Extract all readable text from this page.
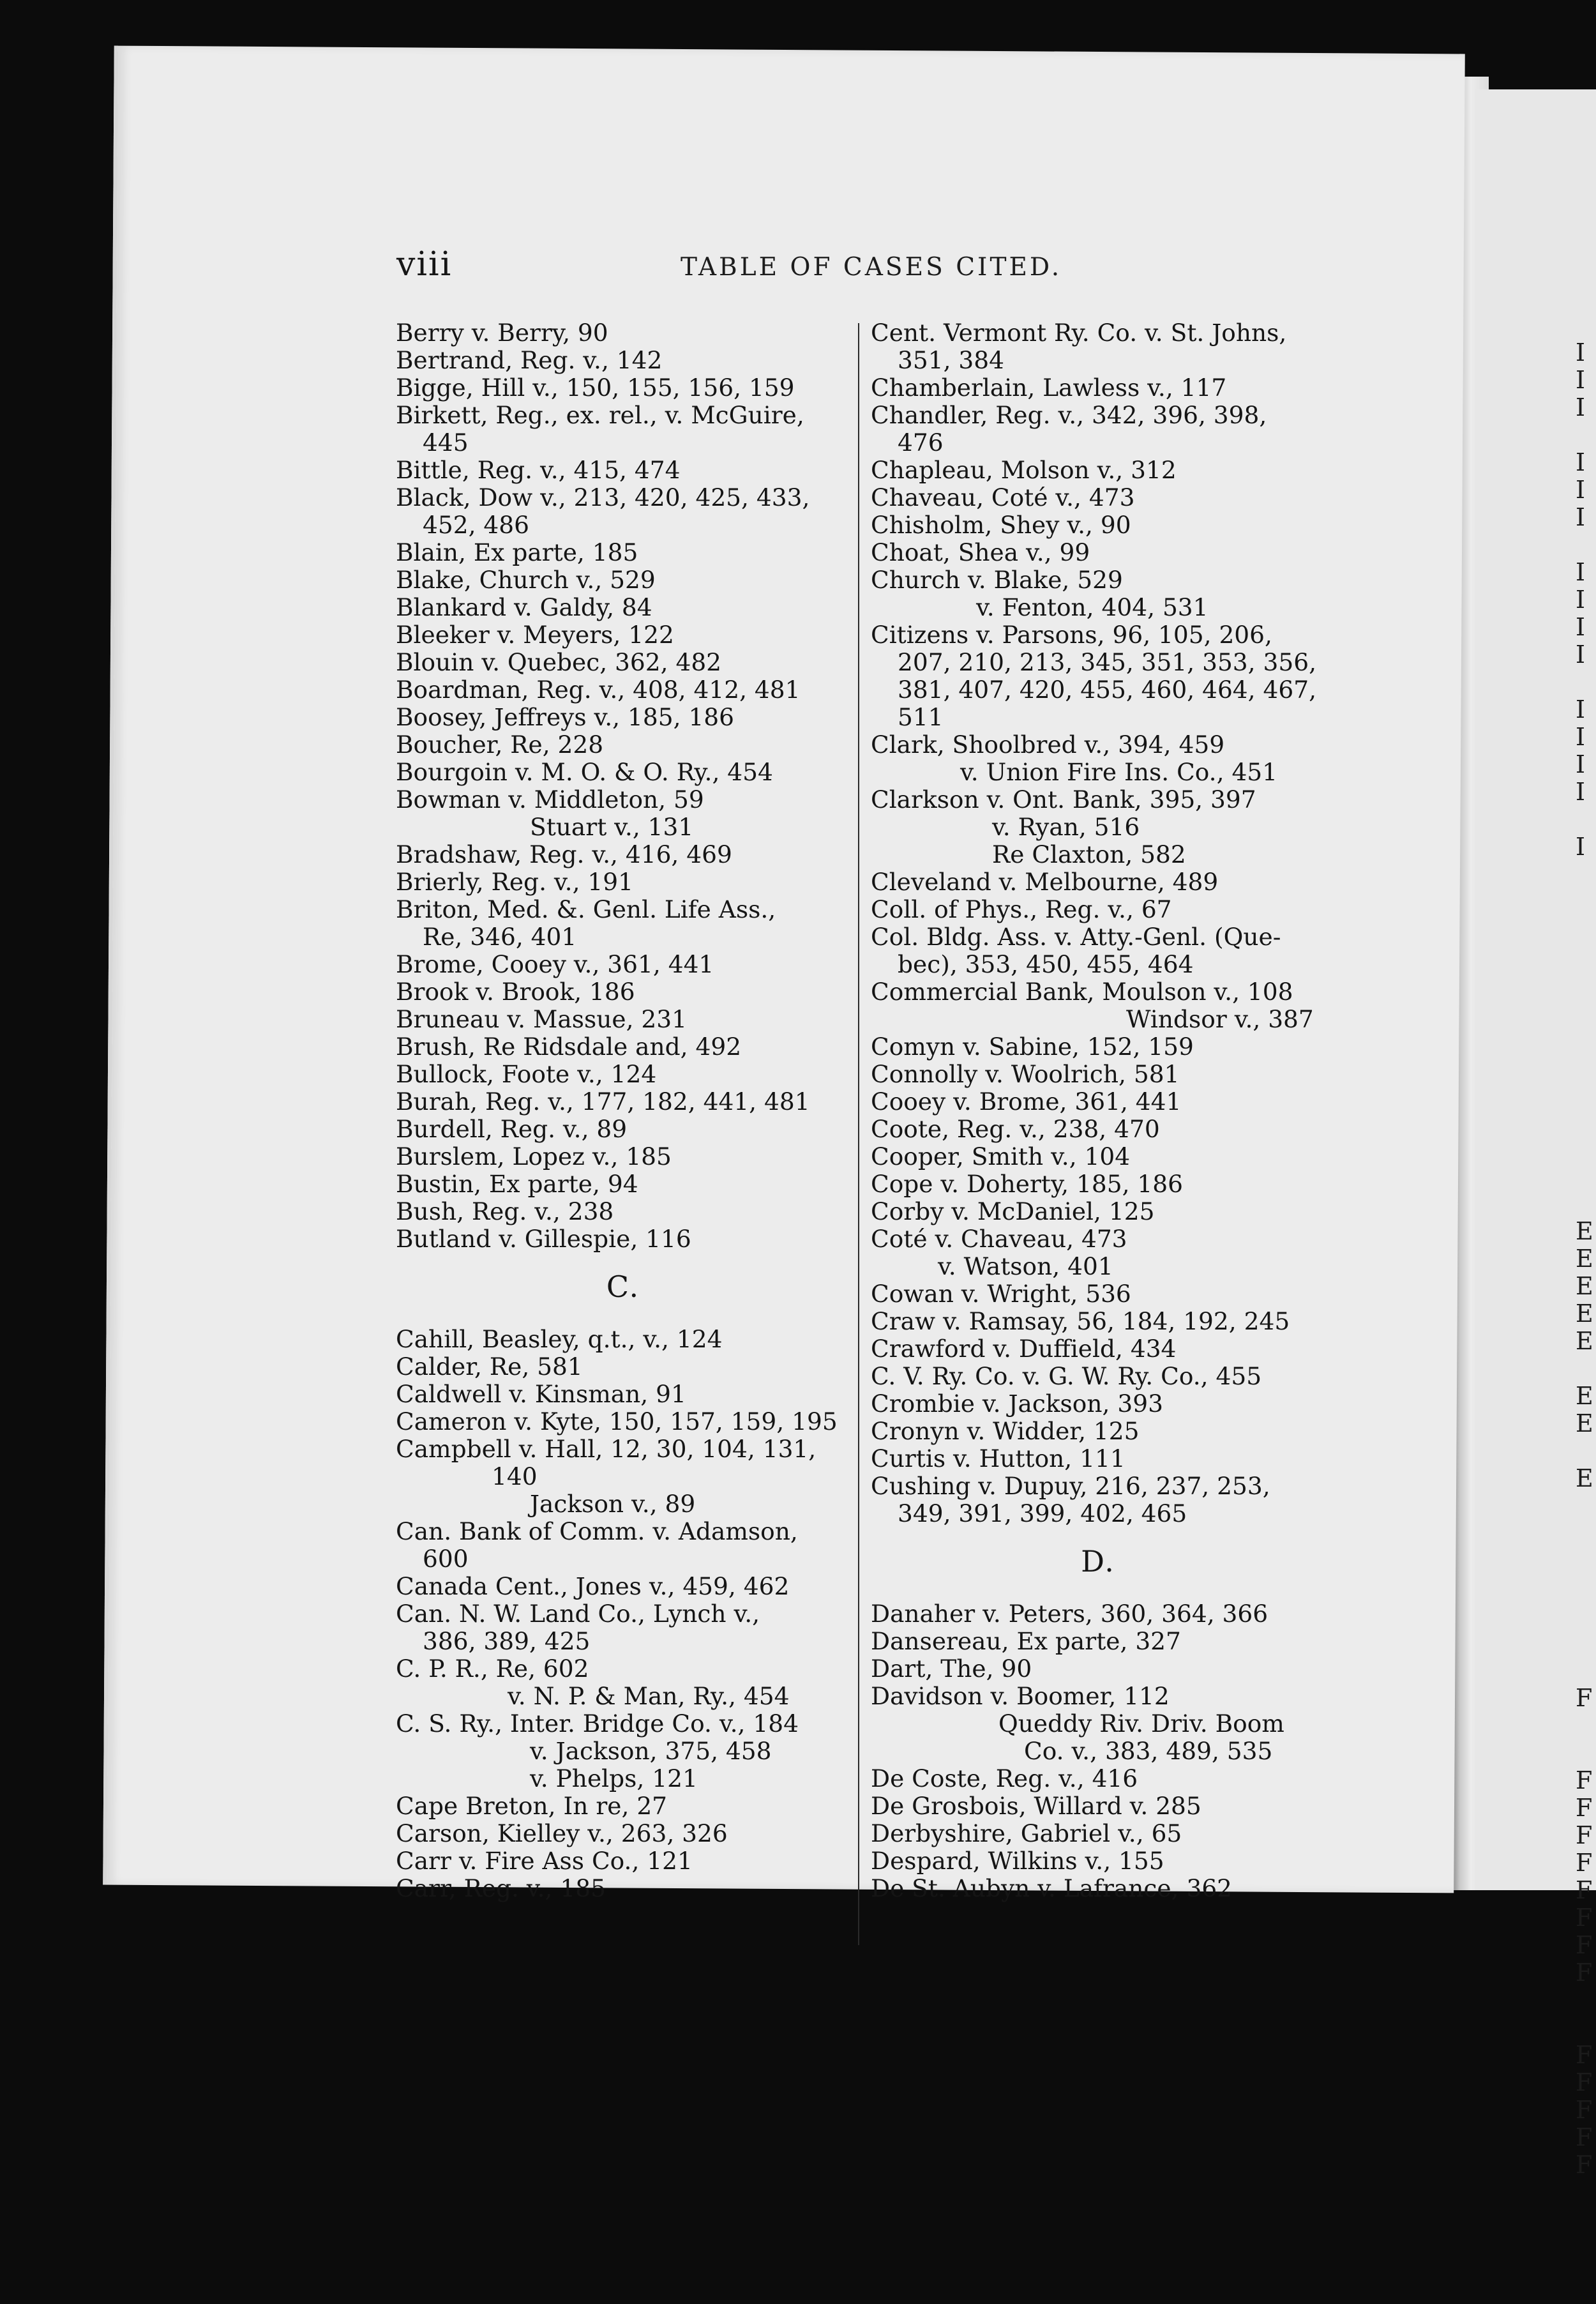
I
I
I
I
I
I
I
I
I
I
I
I
I
I
I
E
E
E
E
E
E
E
E
F
F
F
F
F
F
F
F
F
F
F
F
F
F
viii	TABLE OF CASES CITED.
Berry v. Berry, 90
Bertrand, Reg. v., 142
Bigge, Hill v., 150, 155, 156, 159
Birkett, Reg., ex. rel., v. McGuire,
445
Bittle, Reg. v., 415, 474
Black, Dow v., 213, 420, 425, 433,
452, 486
Blain, Ex parte, 185
Blake, Church v., 529
Blankard v. Galdy, 84
Bleeker v. Meyers, 122
Blouin v. Quebec, 362, 482
Boardman, Reg. v., 408, 412, 481
Boosey, Jeffreys v., 185, 186
Boucher, Re, 228
Bourgoin v. M. O. & O. Ry., 454
Bowman v. Middleton, 59
Stuart v., 131
Bradshaw, Reg. v., 416, 469
Brierly, Reg. v., 191
Briton, Med. &. Genl. Life Ass.,
Re, 346, 401
Brome, Cooey v., 361, 441
Brook v. Brook, 186
Bruneau v. Massue, 231
Brush, Re Ridsdale and, 492
Bullock, Foote v., 124
Burah, Reg. v., 177, 182, 441, 481
Burdell, Reg. v., 89
Burslem, Lopez v., 185
Bustin, Ex parte, 94
Bush, Reg. v., 238
Butland v. Gillespie, 116
C.
Cahill, Beasley, q.t., v., 124
Calder, Re, 581
Caldwell v. Kinsman, 91
Cameron v. Kyte, 150, 157, 159, 195
Campbell v. Hall, 12, 30, 104, 131,
140
Jackson v., 89
Can. Bank of Comm. v. Adamson,
600
Canada Cent., Jones v., 459, 462
Can. N. W. Land Co., Lynch v.,
386, 389, 425
C. P. R., Re, 602
v. N. P. & Man, Ry., 454
C. S. Ry., Inter. Bridge Co. v., 184
v. Jackson, 375, 458
v. Phelps, 121
Cape Breton, In re, 27
Carson, Kielley v., 263, 326
Carr v. Fire Ass Co., 121
Carr, Reg. v., 185
Cent. Vermont Ry. Co. v. St. Johns,
351, 384
Chamberlain, Lawless v., 117
Chandler, Reg. v., 342, 396, 398,
476
Chapleau, Molson v., 312
Chaveau, Coté v., 473
Chisholm, Shey v., 90
Choat, Shea v., 99
Church v. Blake, 529
v. Fenton, 404, 531
Citizens v. Parsons, 96, 105, 206,
207, 210, 213, 345, 351, 353, 356,
381, 407, 420, 455, 460, 464, 467,
511
Clark, Shoolbred v., 394, 459
v. Union Fire Ins. Co., 451
Clarkson v. Ont. Bank, 395, 397
v. Ryan, 516
Re Claxton, 582
Cleveland v. Melbourne, 489
Coll. of Phys., Reg. v., 67
Col. Bldg. Ass. v. Atty.-Genl. (Que-
bec), 353, 450, 455, 464
Commercial Bank, Moulson v., 108
Windsor v., 387
Comyn v. Sabine, 152, 159
Connolly v. Woolrich, 581
Cooey v. Brome, 361, 441
Coote, Reg. v., 238, 470
Cooper, Smith v., 104
Cope v. Doherty, 185, 186
Corby v. McDaniel, 125
Coté v. Chaveau, 473
v. Watson, 401
Cowan v. Wright, 536
Craw v. Ramsay, 56, 184, 192, 245
Crawford v. Duffield, 434
C. V. Ry. Co. v. G. W. Ry. Co., 455
Crombie v. Jackson, 393
Cronyn v. Widder, 125
Curtis v. Hutton, 111
Cushing v. Dupuy, 216, 237, 253,
349, 391, 399, 402, 465
D.
Danaher v. Peters, 360, 364, 366
Dansereau, Ex parte, 327
Dart, The, 90
Davidson v. Boomer, 112
Queddy Riv. Driv. Boom
Co. v., 383, 489, 535
De Coste, Reg. v., 416
De Grosbois, Willard v. 285
Derbyshire, Gabriel v., 65
Despard, Wilkins v., 155
De St. Aubyn v. Lafrance, 362
